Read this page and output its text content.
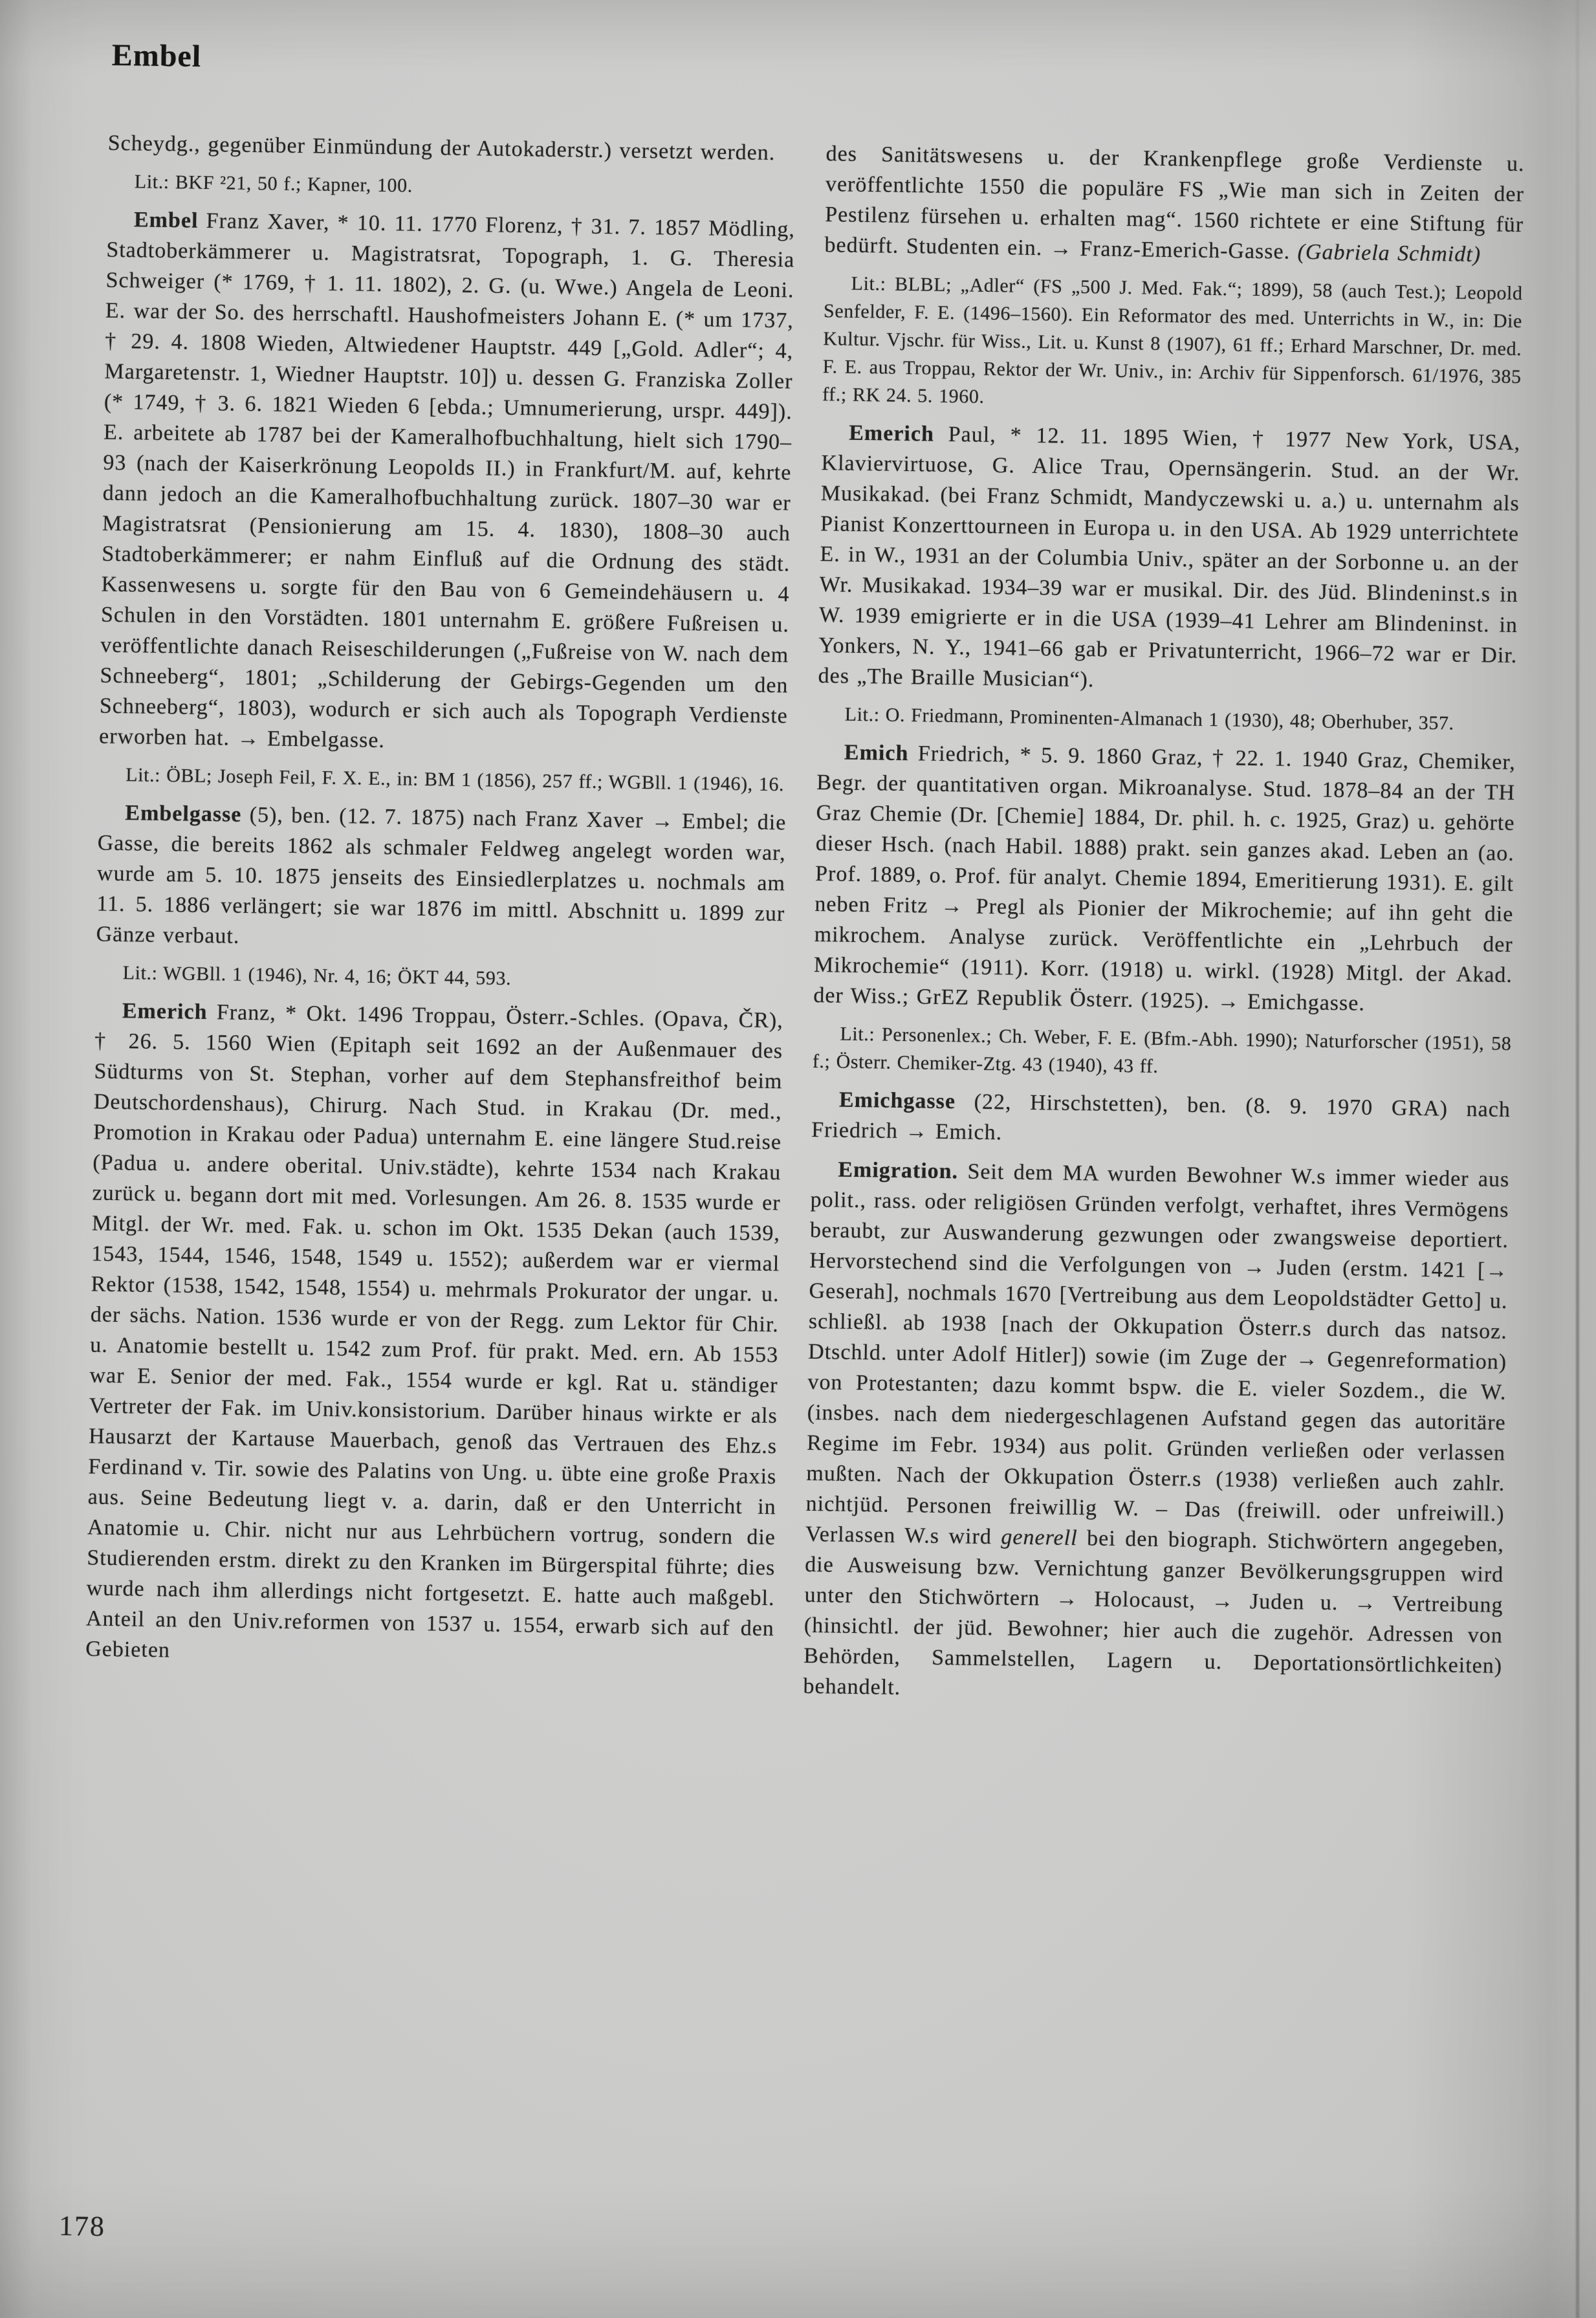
Embel

Scheydg., gegenüber Einmündung der Autokaderstr.) versetzt werden.

Lit.: BKF ²21, 50 f.; Kapner, 100.

Embel Franz Xaver, * 10. 11. 1770 Florenz, † 31. 7. 1857 Mödling, Stadtoberkämmerer u. Magistratsrat, Topograph, 1. G. Theresia Schweiger (* 1769, † 1. 11. 1802), 2. G. (u. Wwe.) Angela de Leoni. E. war der So. des herrschaftl. Haushofmeisters Johann E. (* um 1737, † 29. 4. 1808 Wieden, Altwiedener Hauptstr. 449 [„Gold. Adler“; 4, Margaretenstr. 1, Wiedner Hauptstr. 10]) u. dessen G. Franziska Zoller (* 1749, † 3. 6. 1821 Wieden 6 [ebda.; Umnumerierung, urspr. 449]). E. arbeitete ab 1787 bei der Kameralhofbuchhaltung, hielt sich 1790–93 (nach der Kaiserkrönung Leopolds II.) in Frankfurt/M. auf, kehrte dann jedoch an die Kameralhofbuchhaltung zurück. 1807–30 war er Magistratsrat (Pensionierung am 15. 4. 1830), 1808–30 auch Stadtoberkämmerer; er nahm Einfluß auf die Ordnung des städt. Kassenwesens u. sorgte für den Bau von 6 Gemeindehäusern u. 4 Schulen in den Vorstädten. 1801 unternahm E. größere Fußreisen u. veröffentlichte danach Reiseschilderungen („Fußreise von W. nach dem Schneeberg“, 1801; „Schilderung der Gebirgs-Gegenden um den Schneeberg“, 1803), wodurch er sich auch als Topograph Verdienste erworben hat. → Embelgasse.

Lit.: ÖBL; Joseph Feil, F. X. E., in: BM 1 (1856), 257 ff.; WGBll. 1 (1946), 16.

Embelgasse (5), ben. (12. 7. 1875) nach Franz Xaver → Embel; die Gasse, die bereits 1862 als schmaler Feldweg angelegt worden war, wurde am 5. 10. 1875 jenseits des Einsiedlerplatzes u. nochmals am 11. 5. 1886 verlängert; sie war 1876 im mittl. Abschnitt u. 1899 zur Gänze verbaut.

Lit.: WGBll. 1 (1946), Nr. 4, 16; ÖKT 44, 593.

Emerich Franz, * Okt. 1496 Troppau, Österr.-Schles. (Opava, ČR), † 26. 5. 1560 Wien (Epitaph seit 1692 an der Außenmauer des Südturms von St. Stephan, vorher auf dem Stephansfreithof beim Deutschordenshaus), Chirurg. Nach Stud. in Krakau (Dr. med., Promotion in Krakau oder Padua) unternahm E. eine längere Stud.reise (Padua u. andere oberital. Univ.städte), kehrte 1534 nach Krakau zurück u. begann dort mit med. Vorlesungen. Am 26. 8. 1535 wurde er Mitgl. der Wr. med. Fak. u. schon im Okt. 1535 Dekan (auch 1539, 1543, 1544, 1546, 1548, 1549 u. 1552); außerdem war er viermal Rektor (1538, 1542, 1548, 1554) u. mehrmals Prokurator der ungar. u. der sächs. Nation. 1536 wurde er von der Regg. zum Lektor für Chir. u. Anatomie bestellt u. 1542 zum Prof. für prakt. Med. ern. Ab 1553 war E. Senior der med. Fak., 1554 wurde er kgl. Rat u. ständiger Vertreter der Fak. im Univ.konsistorium. Darüber hinaus wirkte er als Hausarzt der Kartause Mauerbach, genoß das Vertrauen des Ehz.s Ferdinand v. Tir. sowie des Palatins von Ung. u. übte eine große Praxis aus. Seine Bedeutung liegt v. a. darin, daß er den Unterricht in Anatomie u. Chir. nicht nur aus Lehrbüchern vortrug, sondern die Studierenden erstm. direkt zu den Kranken im Bürgerspital führte; dies wurde nach ihm allerdings nicht fortgesetzt. E. hatte auch maßgebl. Anteil an den Univ.reformen von 1537 u. 1554, erwarb sich auf den Gebieten

des Sanitätswesens u. der Krankenpflege große Verdienste u. veröffentlichte 1550 die populäre FS „Wie man sich in Zeiten der Pestilenz fürsehen u. erhalten mag“. 1560 richtete er eine Stiftung für bedürft. Studenten ein. → Franz-Emerich-Gasse. (Gabriela Schmidt)

Lit.: BLBL; „Adler“ (FS „500 J. Med. Fak.“; 1899), 58 (auch Test.); Leopold Senfelder, F. E. (1496–1560). Ein Reformator des med. Unterrichts in W., in: Die Kultur. Vjschr. für Wiss., Lit. u. Kunst 8 (1907), 61 ff.; Erhard Marschner, Dr. med. F. E. aus Troppau, Rektor der Wr. Univ., in: Archiv für Sippenforsch. 61/1976, 385 ff.; RK 24. 5. 1960.

Emerich Paul, * 12. 11. 1895 Wien, † 1977 New York, USA, Klaviervirtuose, G. Alice Trau, Opernsängerin. Stud. an der Wr. Musikakad. (bei Franz Schmidt, Mandyczewski u. a.) u. unternahm als Pianist Konzerttourneen in Europa u. in den USA. Ab 1929 unterrichtete E. in W., 1931 an der Columbia Univ., später an der Sorbonne u. an der Wr. Musikakad. 1934–39 war er musikal. Dir. des Jüd. Blindeninst.s in W. 1939 emigrierte er in die USA (1939–41 Lehrer am Blindeninst. in Yonkers, N. Y., 1941–66 gab er Privatunterricht, 1966–72 war er Dir. des „The Braille Musician“).

Lit.: O. Friedmann, Prominenten-Almanach 1 (1930), 48; Oberhuber, 357.

Emich Friedrich, * 5. 9. 1860 Graz, † 22. 1. 1940 Graz, Chemiker, Begr. der quantitativen organ. Mikroanalyse. Stud. 1878–84 an der TH Graz Chemie (Dr. [Chemie] 1884, Dr. phil. h. c. 1925, Graz) u. gehörte dieser Hsch. (nach Habil. 1888) prakt. sein ganzes akad. Leben an (ao. Prof. 1889, o. Prof. für analyt. Chemie 1894, Emeritierung 1931). E. gilt neben Fritz → Pregl als Pionier der Mikrochemie; auf ihn geht die mikrochem. Analyse zurück. Veröffentlichte ein „Lehrbuch der Mikrochemie“ (1911). Korr. (1918) u. wirkl. (1928) Mitgl. der Akad. der Wiss.; GrEZ Republik Österr. (1925). → Emichgasse.

Lit.: Personenlex.; Ch. Weber, F. E. (Bfm.-Abh. 1990); Naturforscher (1951), 58 f.; Österr. Chemiker-Ztg. 43 (1940), 43 ff.

Emichgasse (22, Hirschstetten), ben. (8. 9. 1970 GRA) nach Friedrich → Emich.

Emigration. Seit dem MA wurden Bewohner W.s immer wieder aus polit., rass. oder religiösen Gründen verfolgt, verhaftet, ihres Vermögens beraubt, zur Auswanderung gezwungen oder zwangsweise deportiert. Hervorstechend sind die Verfolgungen von → Juden (erstm. 1421 [→ Geserah], nochmals 1670 [Vertreibung aus dem Leopoldstädter Getto] u. schließl. ab 1938 [nach der Okkupation Österr.s durch das natsoz. Dtschld. unter Adolf Hitler]) sowie (im Zuge der → Gegenreformation) von Protestanten; dazu kommt bspw. die E. vieler Sozdem., die W. (insbes. nach dem niedergeschlagenen Aufstand gegen das autoritäre Regime im Febr. 1934) aus polit. Gründen verließen oder verlassen mußten. Nach der Okkupation Österr.s (1938) verließen auch zahlr. nichtjüd. Personen freiwillig W. – Das (freiwill. oder unfreiwill.) Verlassen W.s wird generell bei den biograph. Stichwörtern angegeben, die Ausweisung bzw. Vernichtung ganzer Bevölkerungsgruppen wird unter den Stichwörtern → Holocaust, → Juden u. → Vertreibung (hinsichtl. der jüd. Bewohner; hier auch die zugehör. Adressen von Behörden, Sammelstellen, Lagern u. Deportationsörtlichkeiten) behandelt.

178
